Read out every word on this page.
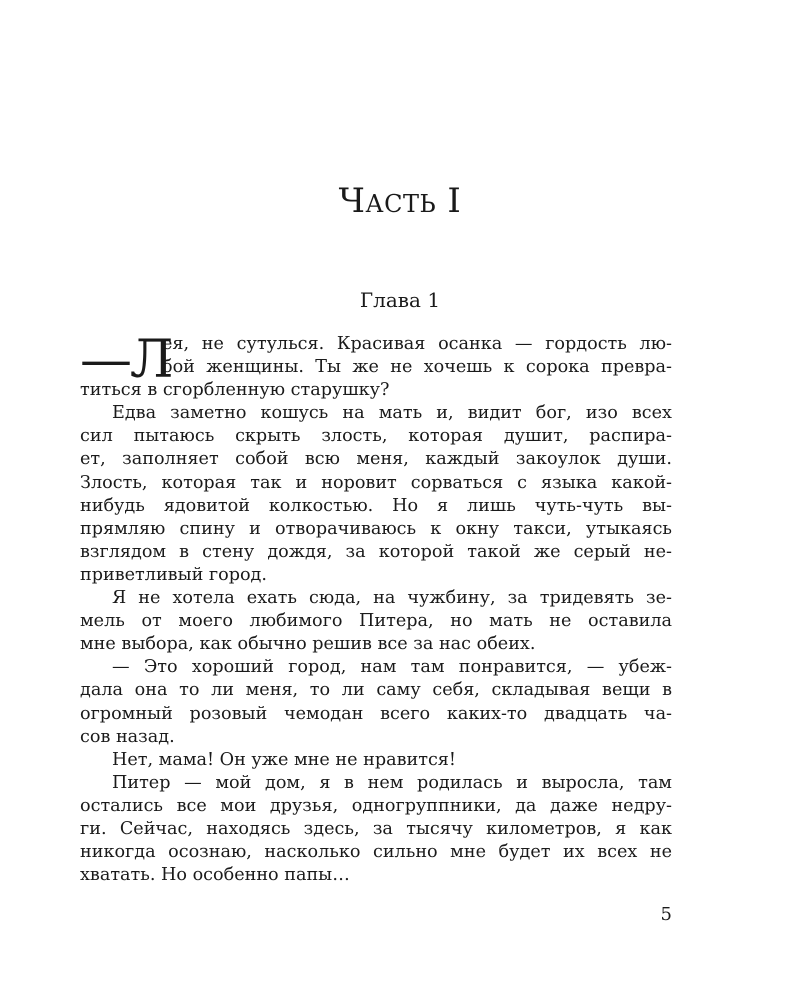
Часть I
Глава 1
—Л
ея, не сутулься. Красивая осанка — гордость лю-
бой женщины. Ты же не хочешь к сорока превра-
титься в сгорбленную старушку?
Едва заметно кошусь на мать и, видит бог, изо всех
сил пытаюсь скрыть злость, которая душит, распира-
ет, заполняет собой всю меня, каждый закоулок души.
Злость, которая так и норовит сорваться с языка какой-
нибудь ядовитой колкостью. Но я лишь чуть-чуть вы-
прямляю спину и отворачиваюсь к окну такси, утыкаясь
взглядом в стену дождя, за которой такой же серый не-
приветливый город.
Я не хотела ехать сюда, на чужбину, за тридевять зе-
мель от моего любимого Питера, но мать не оставила
мне выбора, как обычно решив все за нас обеих.
— Это хороший город, нам там понравится, — убеж-
дала она то ли меня, то ли саму себя, складывая вещи в
огромный розовый чемодан всего каких-то двадцать ча-
сов назад.
Нет, мама! Он уже мне не нравится!
Питер — мой дом, я в нем родилась и выросла, там
остались все мои друзья, одногруппники, да даже недру-
ги. Сейчас, находясь здесь, за тысячу километров, я как
никогда осознаю, насколько сильно мне будет их всех не
хватать. Но особенно папы…

5
